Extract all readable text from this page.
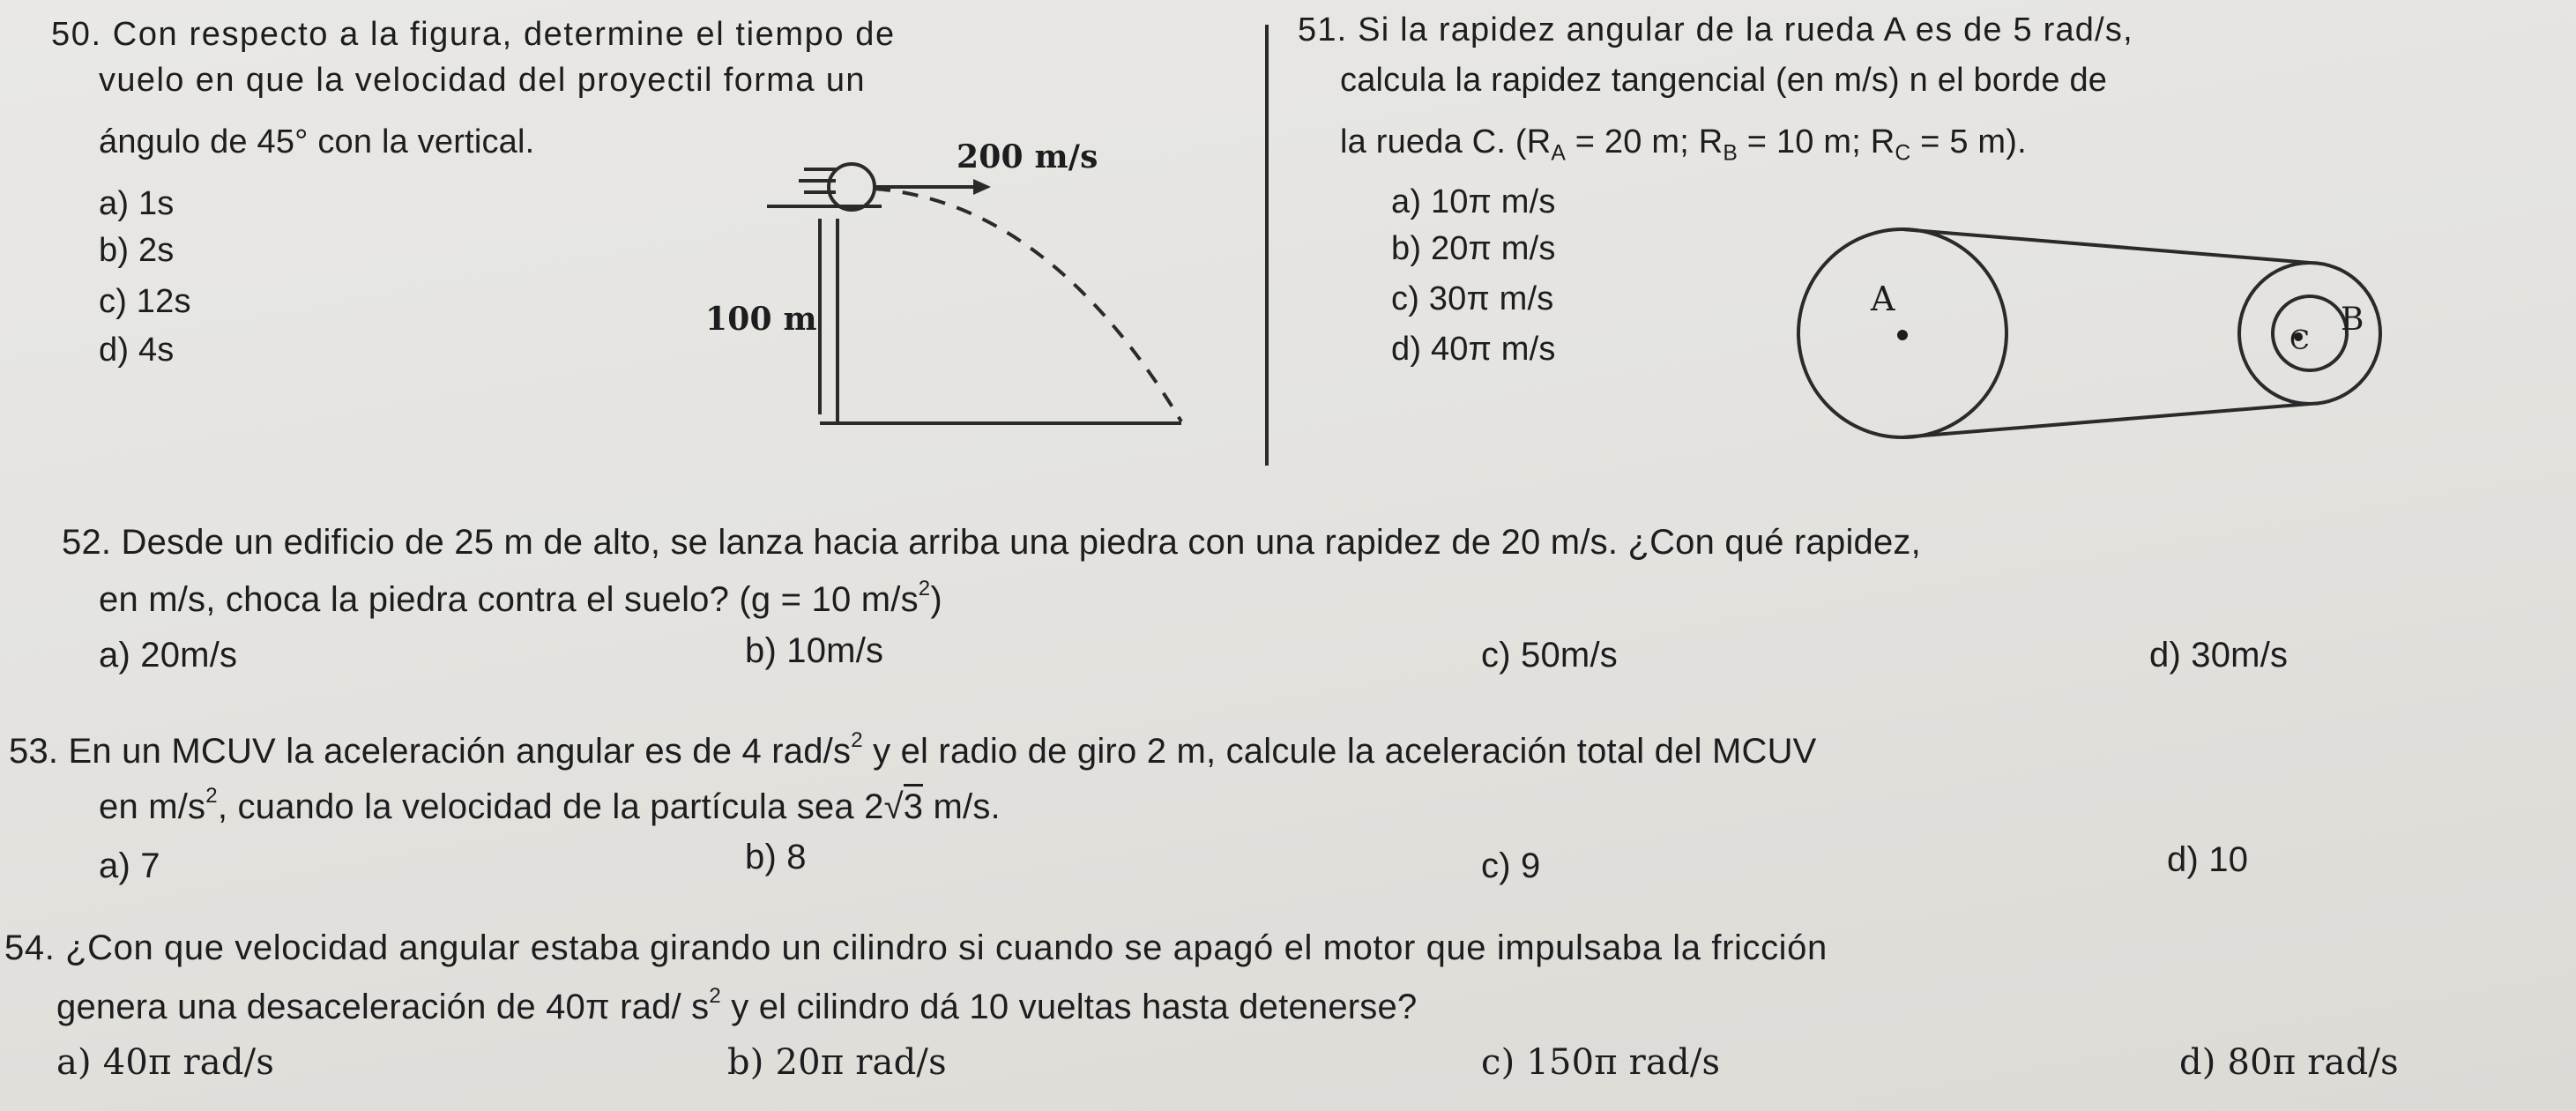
50. Con respecto a la figura, determine el tiempo de
vuelo en que la velocidad del proyectil forma un
ángulo de 45° con la vertical.
a) 1s
b) 2s
c) 12s
d) 4s
200 m/s
100 m
51. Si la rapidez angular de la rueda A es de 5 rad/s,
calcula la rapidez tangencial (en m/s) n el borde de
la rueda C. ($R_A = 20$ m; $R_B = 10$ m; $R_C = 5$ m).
a) 10π m/s
b) 20π m/s
c) 30π m/s
d) 40π m/s
A
B
C
52. Desde un edificio de 25 m de alto, se lanza hacia arriba una piedra con una rapidez de 20 m/s. ¿Con qué rapidez,
en m/s, choca la piedra contra el suelo? (g = 10 $m/s^2$)
a) 20m/s	b) 10m/s	c) 50m/s	d) 30m/s
53. En un MCUV la aceleración angular es de 4 rad/$s^2$ y el radio de giro 2 m, calcule la aceleración total del MCUV
en $m/s^2$, cuando la velocidad de la partícula sea 2√3 m/s.
a) 7	b) 8	c) 9	d) 10
54. ¿Con que velocidad angular estaba girando un cilindro si cuando se apagó el motor que impulsaba la fricción
genera una desaceleración de 40π rad/ $s^2$ y el cilindro dá 10 vueltas hasta detenerse?
a) 40π rad/s	b) 20π rad/s	c) 150π rad/s	d) 80π rad/s
